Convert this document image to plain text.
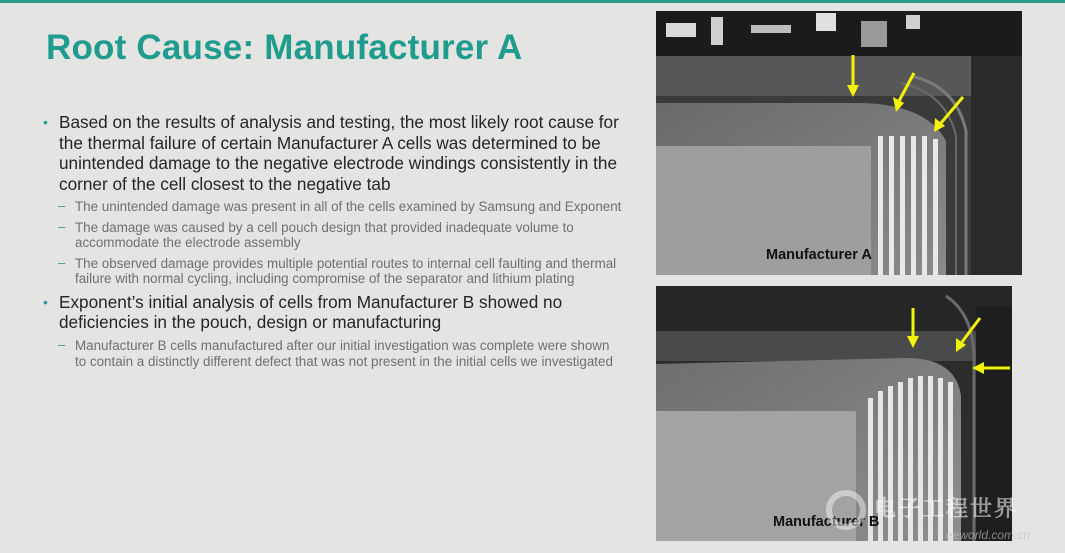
Root Cause: Manufacturer A
• Based on the results of analysis and testing, the most likely root cause for the thermal failure of certain Manufacturer A cells was determined to be unintended damage to the negative electrode windings consistently in the corner of the cell closest to the negative tab
– The unintended damage was present in all of the cells examined by Samsung and Exponent
– The damage was caused by a cell pouch design that provided inadequate volume to accommodate the electrode assembly
– The observed damage provides multiple potential routes to internal cell faulting and thermal failure with normal cycling, including compromise of the separator and lithium plating
• Exponent’s initial analysis of cells from Manufacturer B showed no deficiencies in the pouch, design or manufacturing
– Manufacturer B cells manufactured after our initial investigation was complete were shown to contain a distinctly different defect that was not present in the initial cells we investigated
Manufacturer A
Manufacturer B
电子工程世界
eeworld.com.cn
